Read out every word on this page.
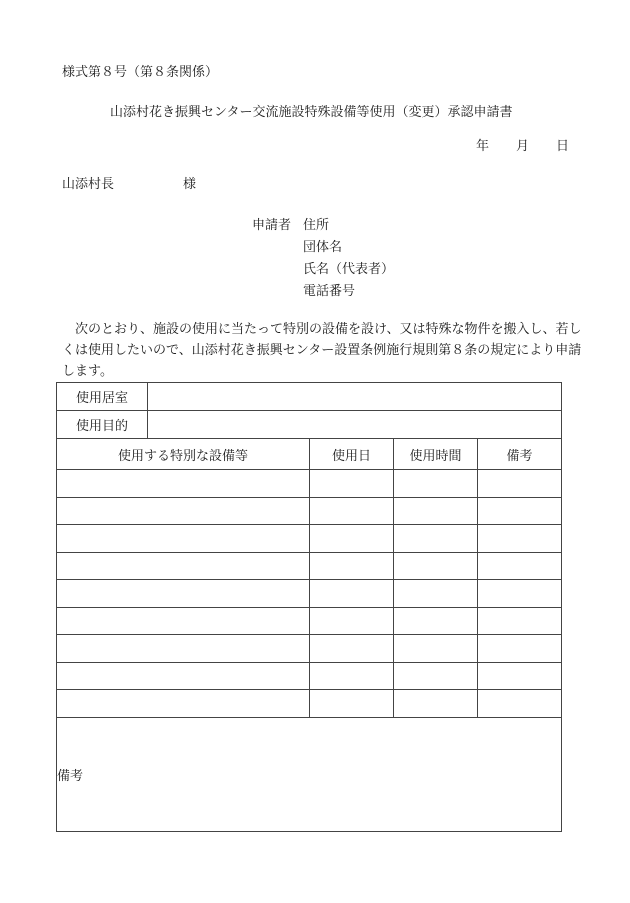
様式第８号（第８条関係）
山添村花き振興センター交流施設特殊設備等使用（変更）承認申請書
年 月 日
山添村長	様
申請者 住所
団体名
氏名（代表者）
電話番号
次のとおり、施設の使用に当たって特別の設備を設け、又は特殊な物件を搬入し、若しくは使用したいので、山添村花き振興センター設置条例施行規則第８条の規定により申請します。
使用居室				
使用目的				
使用する特別な設備等		使用日	使用時間	備考

備考				
